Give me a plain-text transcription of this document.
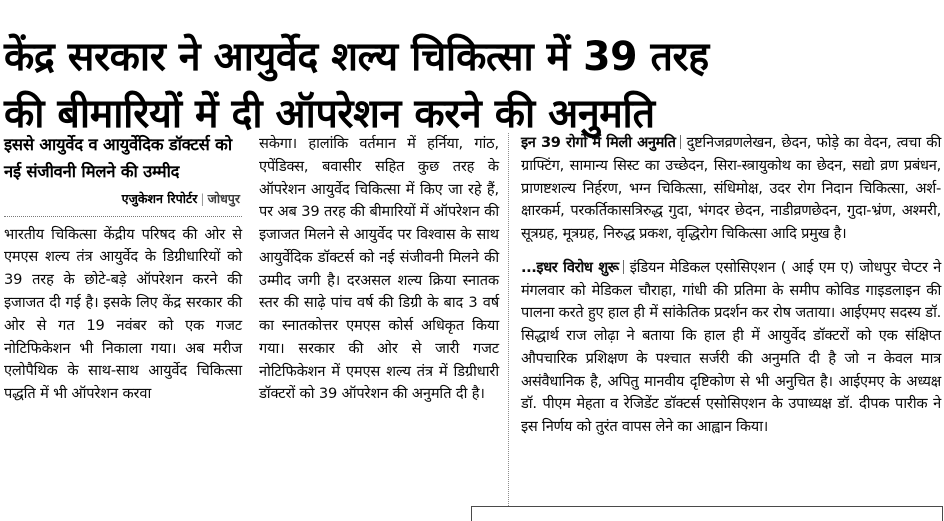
केंद्र सरकार ने आयुर्वेद शल्य चिकित्सा में 39 तरह
की बीमारियों में दी ऑपरेशन करने की अनुमति
इससे आयुर्वेद व आयुर्वेदिक डॉक्टर्स को नई संजीवनी मिलने की उम्मीद
एजुकेशन रिपोर्टर | जोधपुर

भारतीय चिकित्सा केंद्रीय परिषद की ओर से एमएस शल्य तंत्र आयुर्वेद के डिग्रीधारियों को 39 तरह के छोटे-बड़े ऑपरेशन करने की इजाजत दी गई है। इसके लिए केंद्र सरकार की ओर से गत 19 नवंबर को एक गजट नोटिफिकेशन भी निकाला गया। अब मरीज एलोपैथिक के साथ-साथ आयुर्वेद चिकित्सा पद्धति में भी ऑपरेशन करवा

सकेगा। हालांकि वर्तमान में हर्निया, गांठ, एपेंडिक्स, बवासीर सहित कुछ तरह के ऑपरेशन आयुर्वेद चिकित्सा में किए जा रहे हैं, पर अब 39 तरह की बीमारियों में ऑपरेशन की इजाजत मिलने से आयुर्वेद पर विश्वास के साथ आयुर्वेदिक डॉक्टर्स को नई संजीवनी मिलने की उम्मीद जगी है। दरअसल शल्य क्रिया स्नातक स्तर की साढ़े पांच वर्ष की डिग्री के बाद 3 वर्ष का स्नातकोत्तर एमएस कोर्स अधिकृत किया गया। सरकार की ओर से जारी गजट नोटिफिकेशन में एमएस शल्य तंत्र में डिग्रीधारी डॉक्टरों को 39 ऑपरेशन की अनुमति दी है।

इन 39 रोगों में मिली अनुमति दुष्टनिजव्रणलेखन, छेदन, फोड़े का वेदन, त्वचा की ग्राफ्टिंग, सामान्य सिस्ट का उच्छेदन, सिरा-स्त्रायुकोथ का छेदन, सद्यो व्रण प्रबंधन, प्राणष्टशल्य निर्हरण, भग्न चिकित्सा, संधिमोक्ष, उदर रोग निदान चिकित्सा, अर्श-क्षारकर्म, परकर्तिकासत्रिरुद्ध गुदा, भंगदर छेदन, नाडीव्रणछेदन, गुदा-भ्रंण, अश्मरी, सूत्रग्रह, मूत्रग्रह, निरुद्ध प्रकश, वृद्धिरोग चिकित्सा आदि प्रमुख है।

...इधर विरोध शुरू इंडियन मेडिकल एसोसिएशन ( आई एम ए) जोधपुर चेप्टर ने मंगलवार को मेडिकल चौराहा, गांधी की प्रतिमा के समीप कोविड गाइडलाइन की पालना करते हुए हाल ही में सांकेतिक प्रदर्शन कर रोष जताया। आईएमए सदस्य डॉ. सिद्धार्थ राज लोढ़ा ने बताया कि हाल ही में आयुर्वेद डॉक्टरों को एक संक्षिप्त औपचारिक प्रशिक्षण के पश्चात सर्जरी की अनुमति दी है जो न केवल मात्र असंवैधानिक है, अपितु मानवीय दृष्टिकोण से भी अनुचित है। आईएमए के अध्यक्ष डॉ. पीएम मेहता व रेजिडेंट डॉक्टर्स एसोसिएशन के उपाध्यक्ष डॉ. दीपक पारीक ने इस निर्णय को तुरंत वापस लेने का आह्वान किया।
